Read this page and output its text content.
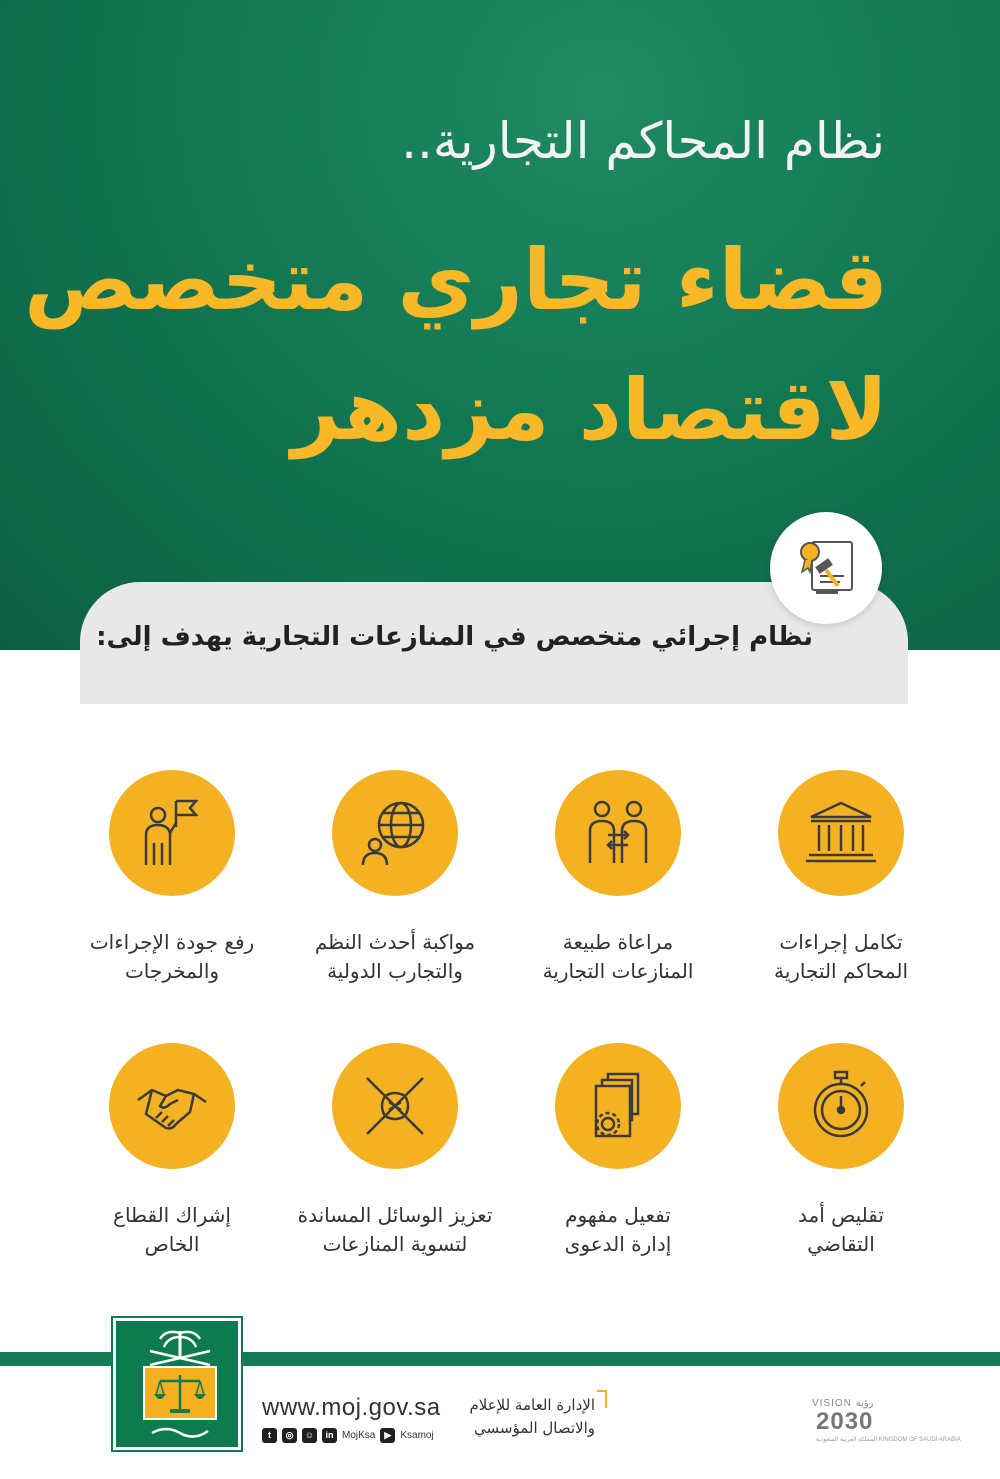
نظام المحاكم التجارية..
قضاء تجاري متخصص
لاقتصاد مزدهر
نظام إجرائي متخصص في المنازعات التجارية يهدف إلى:
تكامل إجراءات
المحاكم التجارية
مراعاة طبيعة
المنازعات التجارية
مواكبة أحدث النظم
والتجارب الدولية
رفع جودة الإجراءات
والمخرجات
تقليص أمد
التقاضي
تفعيل مفهوم
إدارة الدعوى
تعزيز الوسائل المساندة
لتسوية المنازعات
إشراك القطاع
الخاص
www.moj.gov.sa
t	◎	☺	in MojKsa	▶ Ksamoj
الإدارة العامة للإعلام
والاتصال المؤسسي
VISION رؤية
2030
المملكة العربية السعودية KINGDOM OF SAUDI ARABIA
